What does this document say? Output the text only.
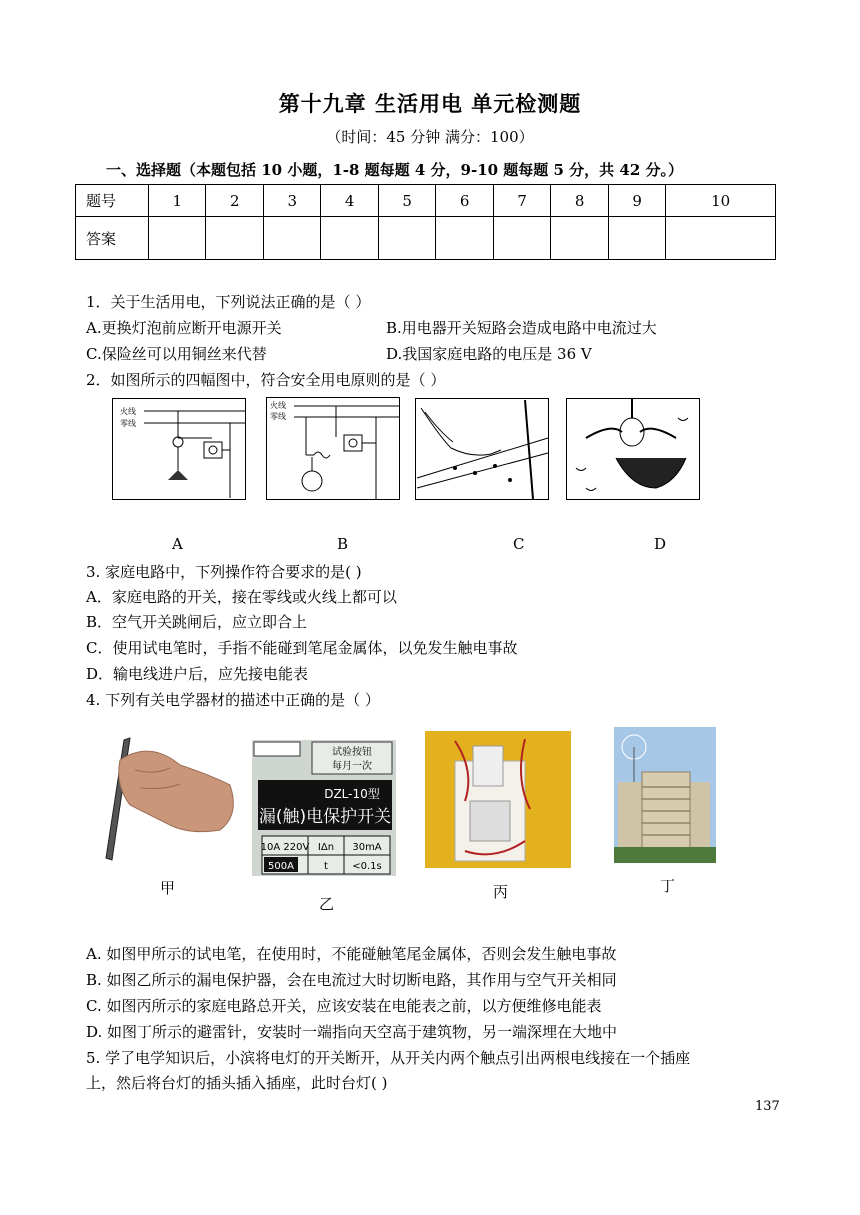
第十九章 生活用电 单元检测题
（时间：45 分钟 满分：100）
一、选择题（本题包括 10 小题，1-8 题每题 4 分，9-10 题每题 5 分，共 42 分。）
题号	1	2	3	4	5	6	7	8	9	10
答案										
1．关于生活用电，下列说法正确的是（ ）
A.更换灯泡前应断开电源开关	B.用电器开关短路会造成电路中电流过大
C.保险丝可以用铜丝来代替	D.我国家庭电路的电压是 36 V
2．如图所示的四幅图中，符合安全用电原则的是（ ）
火线
零线
火线
零线
A	B	C	D
3. 家庭电路中，下列操作符合要求的是( )
A．家庭电路的开关，接在零线或火线上都可以
B．空气开关跳闸后，应立即合上
C．使用试电笔时，手指不能碰到笔尾金属体，以免发生触电事故
D．输电线进户后，应先接电能表
4. 下列有关电学器材的描述中正确的是（ ）
试验按钮
每月一次
DZL-10型
漏(触)电保护开关
10A 220V IΔn 30mA
500A	t <0.1s
甲
乙
丙	丁
A. 如图甲所示的试电笔，在使用时，不能碰触笔尾金属体，否则会发生触电事故
B. 如图乙所示的漏电保护器，会在电流过大时切断电路，其作用与空气开关相同
C. 如图丙所示的家庭电路总开关，应该安装在电能表之前，以方便维修电能表
D. 如图丁所示的避雷针，安装时一端指向天空高于建筑物，另一端深埋在大地中
5. 学了电学知识后，小滨将电灯的开关断开，从开关内两个触点引出两根电线接在一个插座
上，然后将台灯的插头插入插座，此时台灯( )
137
